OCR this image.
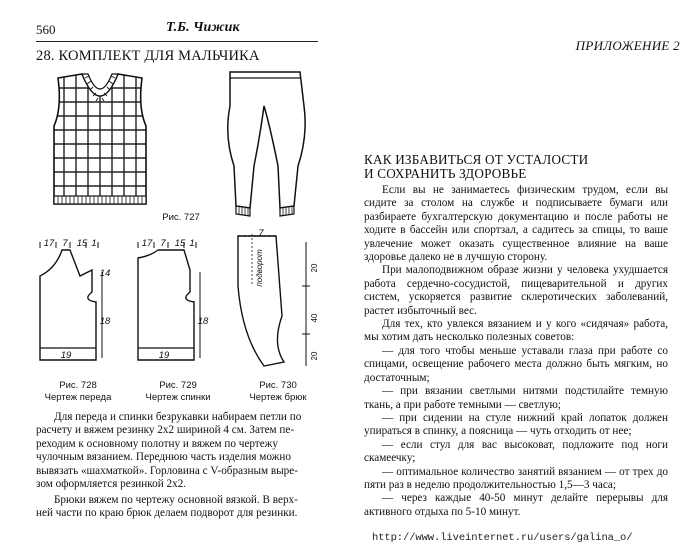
560	Т.Б. Чижик
28. КОМПЛЕКТ ДЛЯ МАЛЬЧИКА
Рис. 727
17 7 15 1
14
18
19
17 7 15 1
18
19
7
подворот	20
40
20
Рис. 728
Чертеж переда
Рис. 729
Чертеж спинки
Рис. 730
Чертеж брюк
Для переда и спинки безрукавки набираем петли по
расчету и вяжем резинку 2x2 шириной 4 см. Затем пе-
реходим к основному полотну и вяжем по чертежу
чулочным вязанием. Переднюю часть изделия можно
вывязать «шахматкой». Горловина с V-образным выре-
зом оформляется резинкой 2x2.
Брюки вяжем по чертежу основной вязкой. В верх-
ней части по краю брюк делаем подворот для резинки.
ПРИЛОЖЕНИЕ 2
КАК ИЗБАВИТЬСЯ ОТ УСТАЛОСТИ
И СОХРАНИТЬ ЗДОРОВЬЕ

Если вы не занимаетесь физическим трудом, если вы сидите за столом на службе и подписываете бумаги или разбираете бухгалтерскую документацию и после работы не ходите в бассейн или спортзал, а садитесь за спицы, то ваше увлечение может оказать существенное влияние на ваше здоровье далеко не в лучшую сторону.

При малоподвижном образе жизни у человека ухудшается работа сердечно-сосудистой, пищеварительной и других систем, ускоряется развитие склеротических заболеваний, растет избыточный вес.

Для тех, кто увлекся вязанием и у кого «сидячая» работа, мы хотим дать несколько полезных советов:

— для того чтобы меньше уставали глаза при работе со спицами, освещение рабочего места должно быть мягким, но достаточным;

— при вязании светлыми нитями подстилайте темную ткань, а при работе темными — светлую;

— при сидении на стуле нижний край лопаток должен упираться в спинку, а поясница — чуть отходить от нее;

— если стул для вас высоковат, подложите под ноги скамеечку;

— оптимальное количество занятий вязанием — от трех до пяти раз в неделю продолжительностью 1,5—3 часа;

— через каждые 40-50 минут делайте перерывы для активного отдыха по 5-10 минут.

http://www.liveinternet.ru/users/galina_o/
